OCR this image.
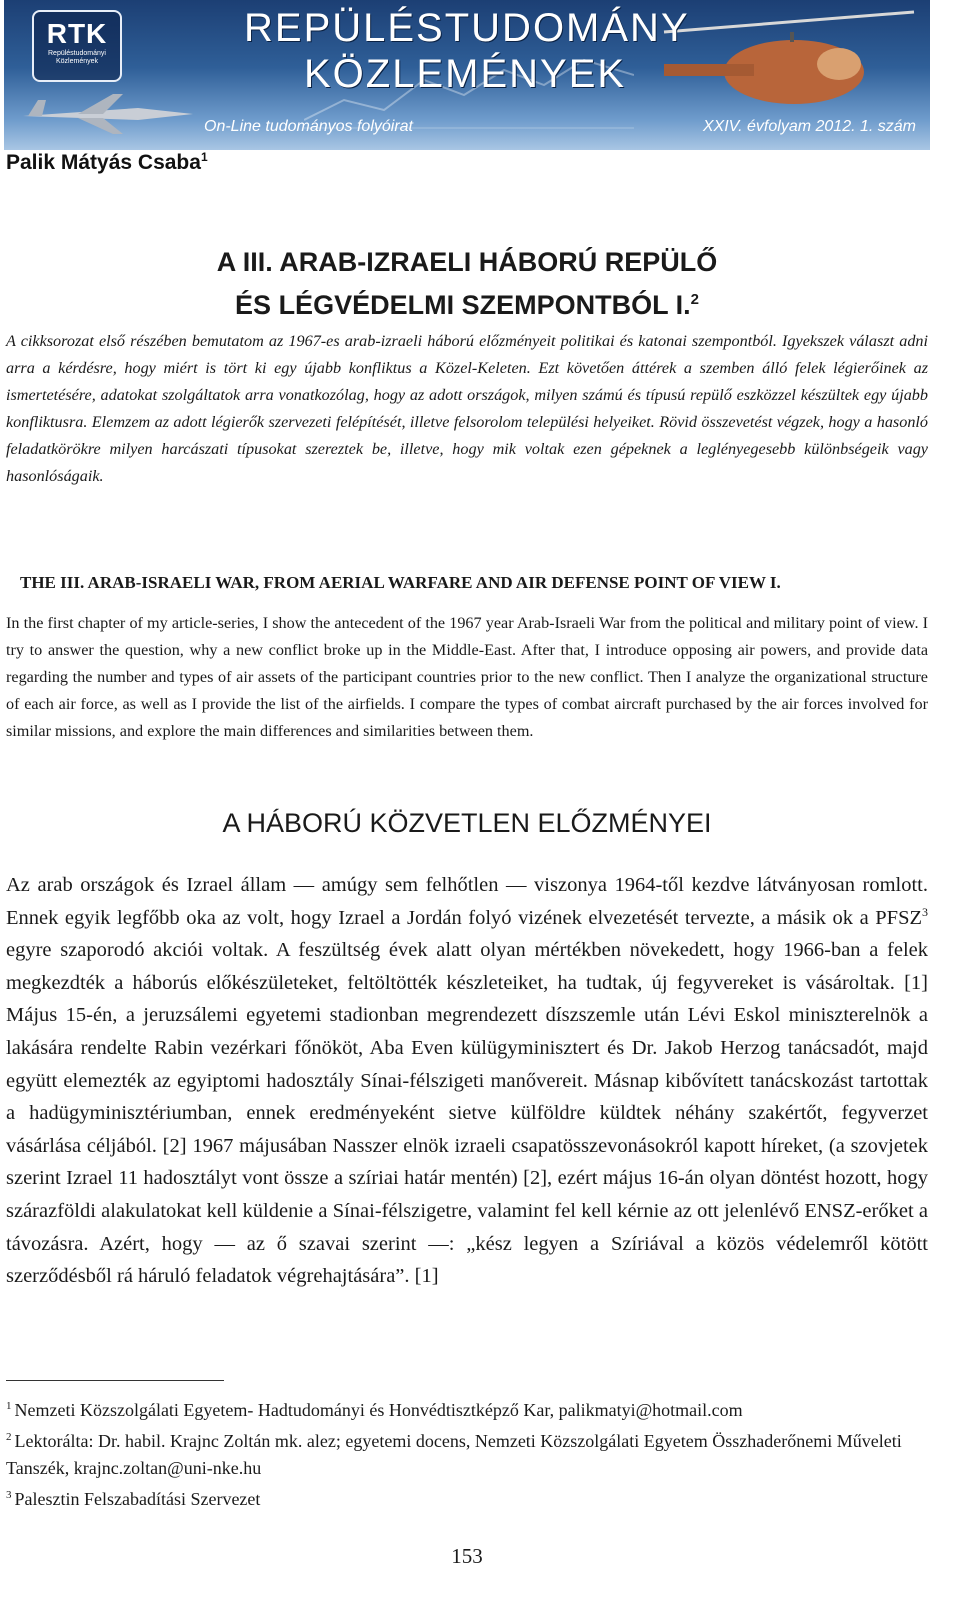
RTK
Repüléstudományi Közlemények
REPÜLÉSTUDOMÁNY
KÖZLEMÉNYEK
On-Line tudományos folyóirat	XXIV. évfolyam 2012. 1. szám
Palik Mátyás Csaba$^1$
A III. ARAB-IZRAELI HÁBORÚ REPÜLŐ
ÉS LÉGVÉDELMI SZEMPONTBÓL I.$^2$

A cikksorozat első részében bemutatom az 1967-es arab-izraeli háború előzményeit politikai és katonai szempontból. Igyekszek választ adni arra a kérdésre, hogy miért is tört ki egy újabb konfliktus a Közel-Keleten. Ezt követően áttérek a szemben álló felek légierőinek az ismertetésére, adatokat szolgáltatok arra vonatkozólag, hogy az adott országok, milyen számú és típusú repülő eszközzel készültek egy újabb konfliktusra. Elemzem az adott légierők szervezeti felépítését, illetve felsorolom települési helyeiket. Rövid összevetést végzek, hogy a hasonló feladatkörökre milyen harcászati típusokat szereztek be, illetve, hogy mik voltak ezen gépeknek a leglényegesebb különbségeik vagy hasonlóságaik.

THE III. ARAB-ISRAELI WAR, FROM AERIAL WARFARE AND AIR DEFENSE POINT OF VIEW I.

In the first chapter of my article-series, I show the antecedent of the 1967 year Arab-Israeli War from the political and military point of view. I try to answer the question, why a new conflict broke up in the Middle-East. After that, I introduce opposing air powers, and provide data regarding the number and types of air assets of the participant countries prior to the new conflict. Then I analyze the organizational structure of each air force, as well as I provide the list of the airfields. I compare the types of combat aircraft purchased by the air forces involved for similar missions, and explore the main differences and similarities between them.

A HÁBORÚ KÖZVETLEN ELŐZMÉNYEI

Az arab országok és Izrael állam — amúgy sem felhőtlen — viszonya 1964-től kezdve látványosan romlott. Ennek egyik legfőbb oka az volt, hogy Izrael a Jordán folyó vizének elvezetését tervezte, a másik ok a PFSZ$^3$ egyre szaporodó akciói voltak. A feszültség évek alatt olyan mértékben növekedett, hogy 1966-ban a felek megkezdték a háborús előkészületeket, feltöltötték készleteiket, ha tudtak, új fegyvereket is vásároltak. [1] Május 15-én, a jeruzsálemi egyetemi stadionban megrendezett díszszemle után Lévi Eskol miniszterelnök a lakására rendelte Rabin vezérkari főnököt, Aba Even külügyminisztert és Dr. Jakob Herzog tanácsadót, majd együtt elemezték az egyiptomi hadosztály Sínai-félszigeti manővereit. Másnap kibővített tanácskozást tartottak a hadügyminisztériumban, ennek eredményeként sietve külföldre küldtek néhány szakértőt, fegyverzet vásárlása céljából. [2] 1967 májusában Nasszer elnök izraeli csapatösszevonásokról kapott híreket, (a szovjetek szerint Izrael 11 hadosztályt vont össze a szíriai határ mentén) [2], ezért május 16-án olyan döntést hozott, hogy szárazföldi alakulatokat kell küldenie a Sínai-félszigetre, valamint fel kell kérnie az ott jelenlévő ENSZ-erőket a távozásra. Azért, hogy — az ő szavai szerint —: „kész legyen a Szíriával a közös védelemről kötött szerződésből rá háruló feladatok végrehajtására”. [1]

$^1$ Nemzeti Közszolgálati Egyetem- Hadtudományi és Honvédtisztképző Kar, palikmatyi@hotmail.com

$^2$ Lektorálta: Dr. habil. Krajnc Zoltán mk. alez; egyetemi docens, Nemzeti Közszolgálati Egyetem Összhaderőnemi Műveleti Tanszék, krajnc.zoltan@uni-nke.hu

$^3$ Palesztin Felszabadítási Szervezet

153
